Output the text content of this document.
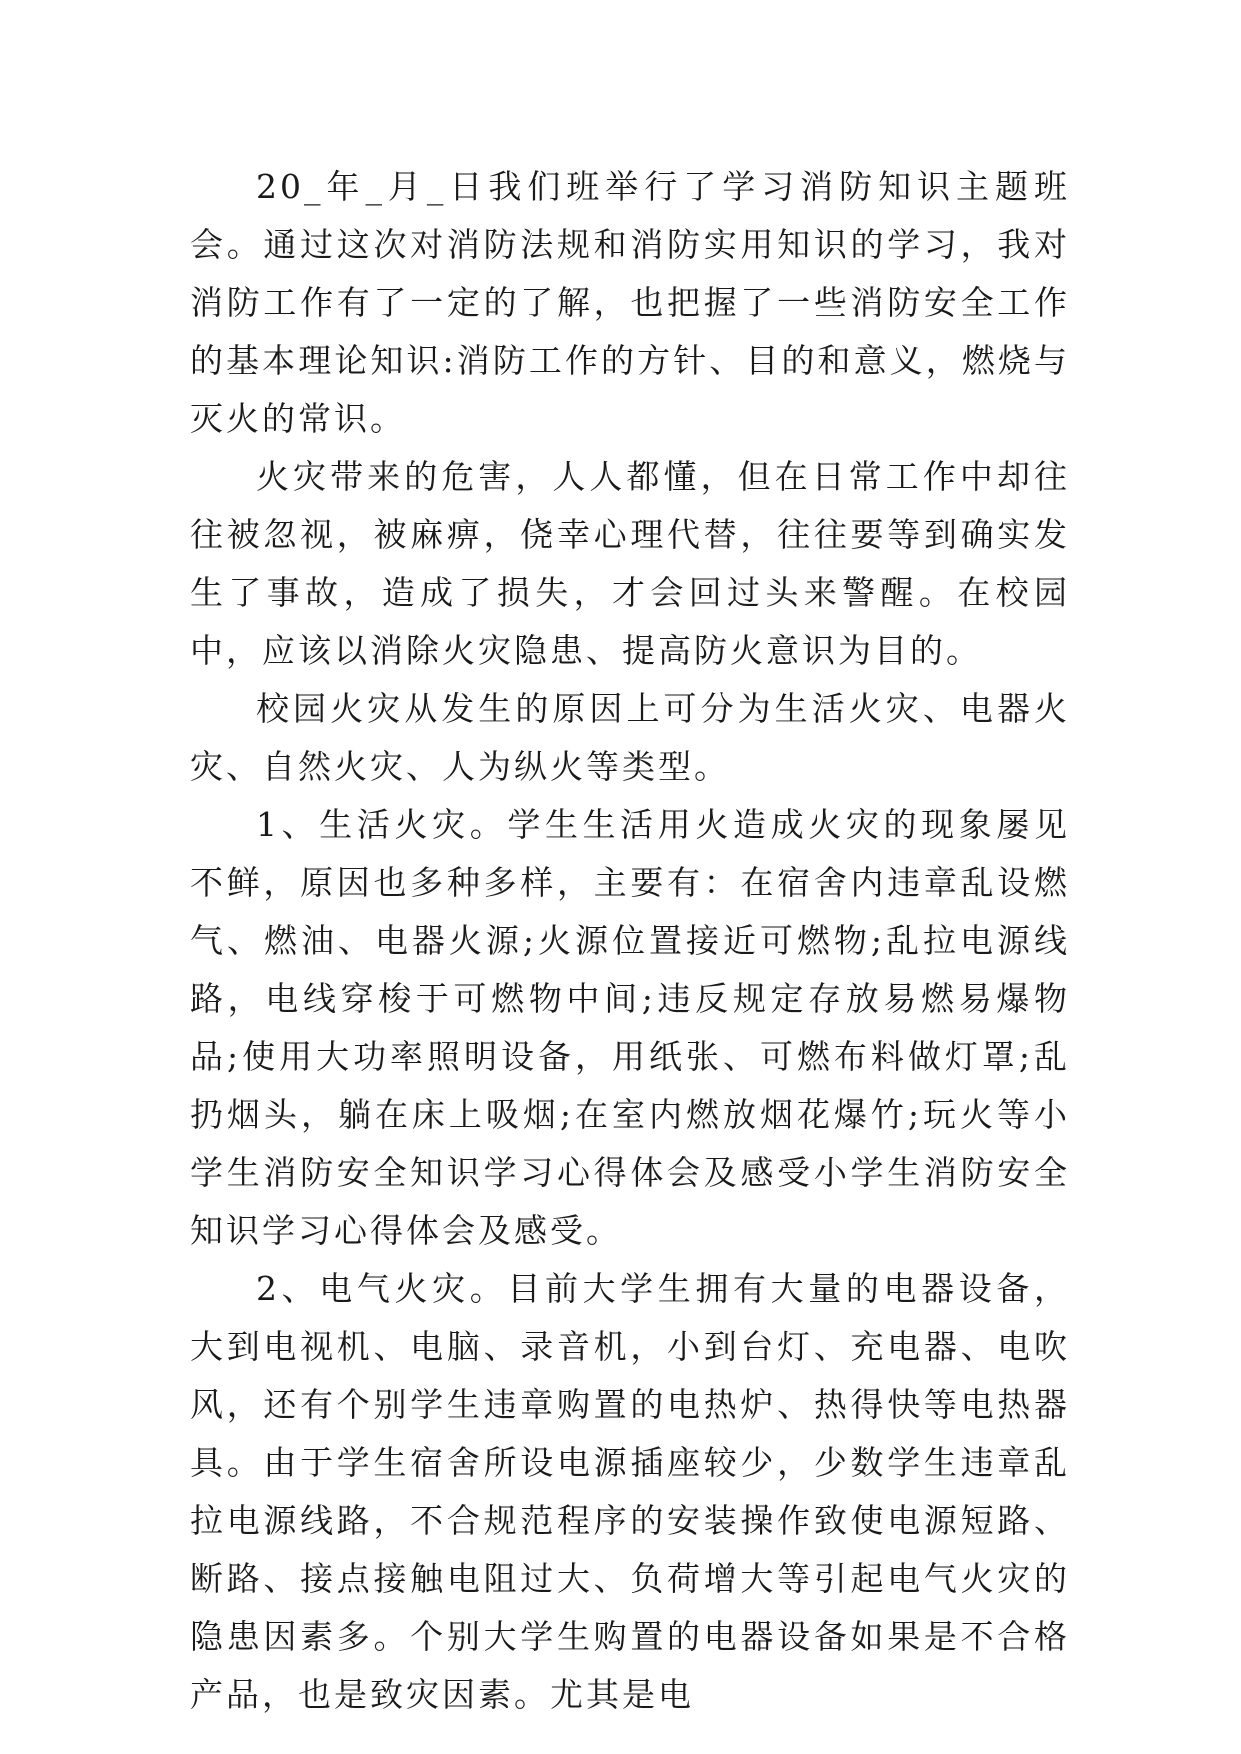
20_年_月_日我们班举行了学习消防知识主题班会。通过这次对消防法规和消防实用知识的学习，我对消防工作有了一定的了解，也把握了一些消防安全工作的基本理论知识:消防工作的方针、目的和意义，燃烧与灭火的常识。

火灾带来的危害，人人都懂，但在日常工作中却往往被忽视，被麻痹，侥幸心理代替，往往要等到确实发生了事故，造成了损失，才会回过头来警醒。在校园中，应该以消除火灾隐患、提高防火意识为目的。

校园火灾从发生的原因上可分为生活火灾、电器火灾、自然火灾、人为纵火等类型。

1、生活火灾。学生生活用火造成火灾的现象屡见不鲜，原因也多种多样，主要有：在宿舍内违章乱设燃气、燃油、电器火源;火源位置接近可燃物;乱拉电源线路，电线穿梭于可燃物中间;违反规定存放易燃易爆物品;使用大功率照明设备，用纸张、可燃布料做灯罩;乱扔烟头，躺在床上吸烟;在室内燃放烟花爆竹;玩火等小学生消防安全知识学习心得体会及感受小学生消防安全知识学习心得体会及感受。

2、电气火灾。目前大学生拥有大量的电器设备，大到电视机、电脑、录音机，小到台灯、充电器、电吹风，还有个别学生违章购置的电热炉、热得快等电热器具。由于学生宿舍所设电源插座较少，少数学生违章乱拉电源线路，不合规范程序的安装操作致使电源短路、断路、接点接触电阻过大、负荷增大等引起电气火灾的隐患因素多。个别大学生购置的电器设备如果是不合格产品，也是致灾因素。尤其是电
